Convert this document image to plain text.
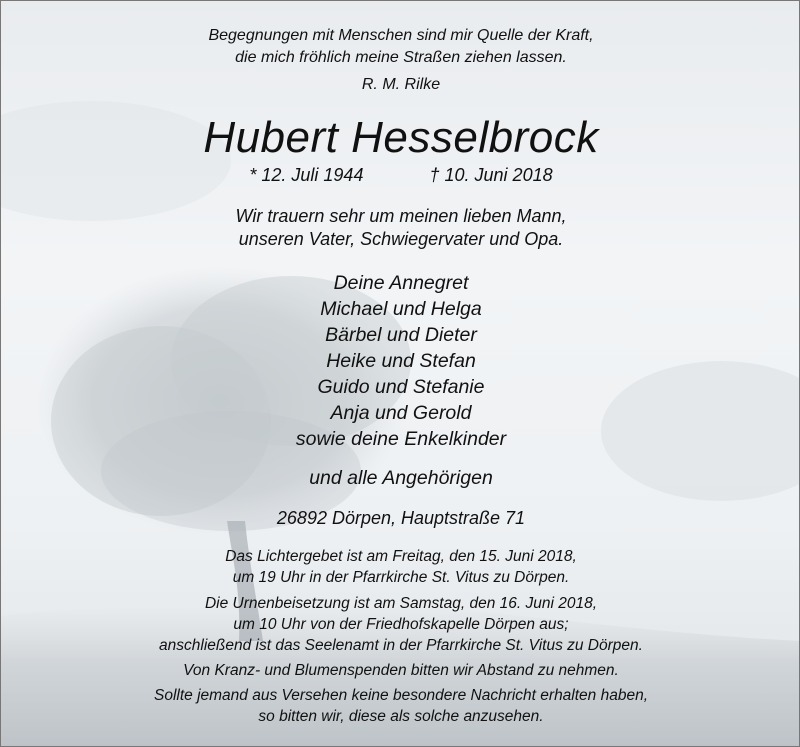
Begegnungen mit Menschen sind mir Quelle der Kraft,
die mich fröhlich meine Straßen ziehen lassen.
R. M. Rilke
Hubert Hesselbrock
* 12. Juli 1944	† 10. Juni 2018
Wir trauern sehr um meinen lieben Mann,
unseren Vater, Schwiegervater und Opa.
Deine Annegret
Michael und Helga
Bärbel und Dieter
Heike und Stefan
Guido und Stefanie
Anja und Gerold
sowie deine Enkelkinder
und alle Angehörigen
26892 Dörpen, Hauptstraße 71
Das Lichtergebet ist am Freitag, den 15. Juni 2018,
um 19 Uhr in der Pfarrkirche St. Vitus zu Dörpen.
Die Urnenbeisetzung ist am Samstag, den 16. Juni 2018,
um 10 Uhr von der Friedhofskapelle Dörpen aus;
anschließend ist das Seelenamt in der Pfarrkirche St. Vitus zu Dörpen.
Von Kranz- und Blumenspenden bitten wir Abstand zu nehmen.
Sollte jemand aus Versehen keine besondere Nachricht erhalten haben,
so bitten wir, diese als solche anzusehen.
